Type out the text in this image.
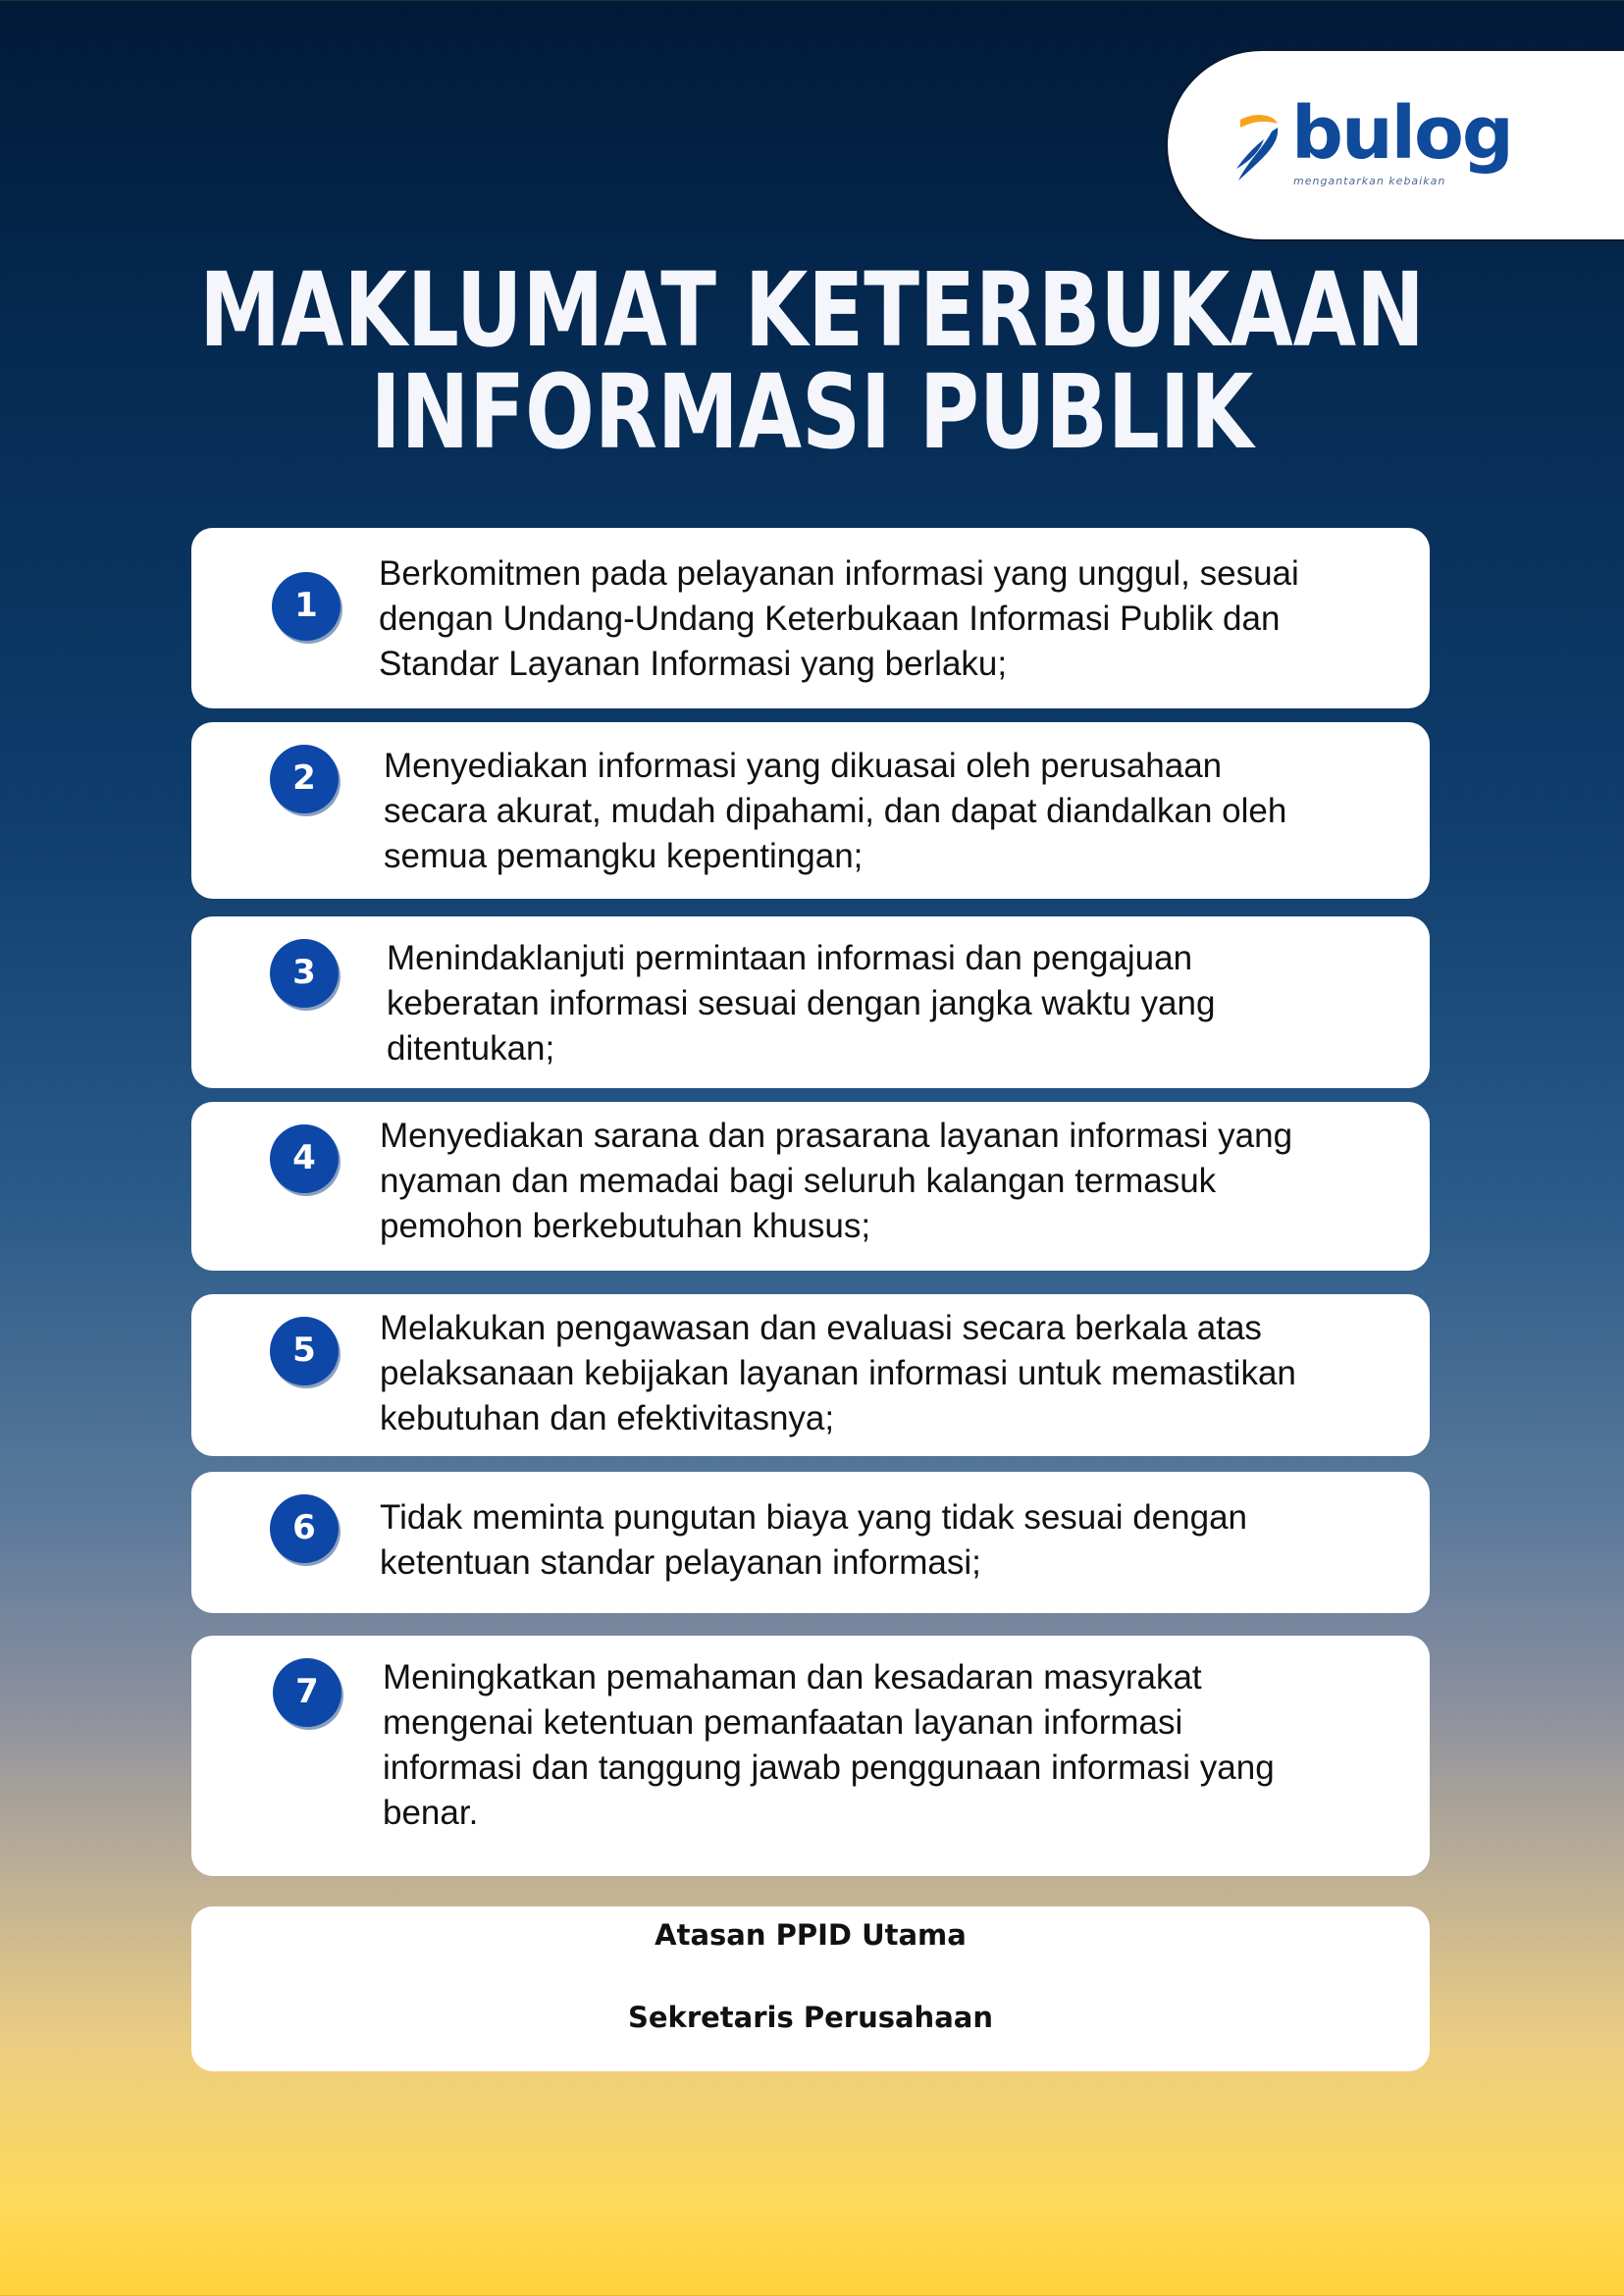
bulog
mengantarkan kebaikan
MAKLUMAT KETERBUKAAN
INFORMASI PUBLIK
1
Berkomitmen pada pelayanan informasi yang unggul, sesuai dengan Undang-Undang Keterbukaan Informasi Publik dan Standar Layanan Informasi yang berlaku;
2	Menyediakan informasi yang dikuasai oleh perusahaan secara akurat, mudah dipahami, dan dapat diandalkan oleh semua pemangku kepentingan;
3	Menindaklanjuti permintaan informasi dan pengajuan keberatan informasi sesuai dengan jangka waktu yang ditentukan;
4
Menyediakan sarana dan prasarana layanan informasi yang nyaman dan memadai bagi seluruh kalangan termasuk pemohon berkebutuhan khusus;
5
Melakukan pengawasan dan evaluasi secara berkala atas pelaksanaan kebijakan layanan informasi untuk memastikan kebutuhan dan efektivitasnya;
6	Tidak meminta pungutan biaya yang tidak sesuai dengan ketentuan standar pelayanan informasi;
7	Meningkatkan pemahaman dan kesadaran masyrakat mengenai ketentuan pemanfaatan layanan informasi informasi dan tanggung jawab penggunaan informasi yang benar.
Atasan PPID Utama
Sekretaris Perusahaan
